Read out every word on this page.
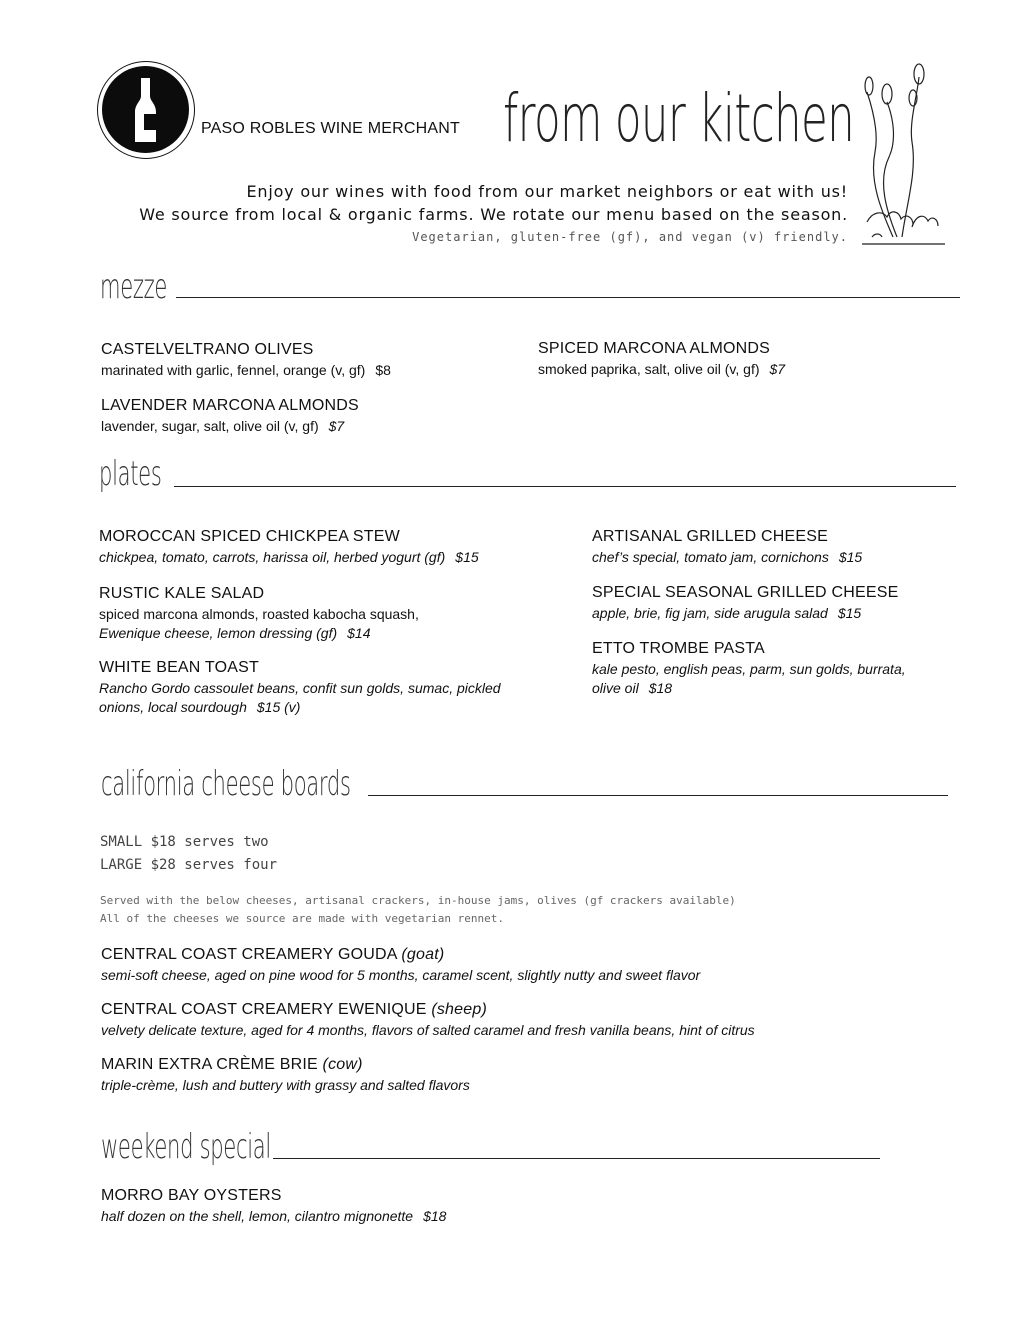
PASO ROBLES WINE MERCHANT from our kitchen
Enjoy our wines with food from our market neighbors or eat with us!
We source from local & organic farms. We rotate our menu based on the season.
Vegetarian, gluten-free (gf), and vegan (v) friendly.
mezze
CASTELVELTRANO OLIVES
marinated with garlic, fennel, orange (v, gf) $8
LAVENDER MARCONA ALMONDS
lavender, sugar, salt, olive oil (v, gf) $7
SPICED MARCONA ALMONDS
smoked paprika, salt, olive oil (v, gf) $7
plates
MOROCCAN SPICED CHICKPEA STEW
chickpea, tomato, carrots, harissa oil, herbed yogurt (gf) $15
RUSTIC KALE SALAD
spiced marcona almonds, roasted kabocha squash,
Ewenique cheese, lemon dressing (gf) $14
WHITE BEAN TOAST
Rancho Gordo cassoulet beans, confit sun golds, sumac, pickled
onions, local sourdough $15 (v)
ARTISANAL GRILLED CHEESE
chef’s special, tomato jam, cornichons $15
SPECIAL SEASONAL GRILLED CHEESE
apple, brie, fig jam, side arugula salad $15
ETTO TROMBE PASTA
kale pesto, english peas, parm, sun golds, burrata,
olive oil $18
california cheese boards
SMALL $18 serves two
LARGE $28 serves four
Served with the below cheeses, artisanal crackers, in-house jams, olives (gf crackers available)
All of the cheeses we source are made with vegetarian rennet.
CENTRAL COAST CREAMERY GOUDA (goat)
semi-soft cheese, aged on pine wood for 5 months, caramel scent, slightly nutty and sweet flavor
CENTRAL COAST CREAMERY EWENIQUE (sheep)
velvety delicate texture, aged for 4 months, flavors of salted caramel and fresh vanilla beans, hint of citrus
MARIN EXTRA CRÈME BRIE (cow)
triple-crème, lush and buttery with grassy and salted flavors
weekend special
MORRO BAY OYSTERS
half dozen on the shell, lemon, cilantro mignonette $18
